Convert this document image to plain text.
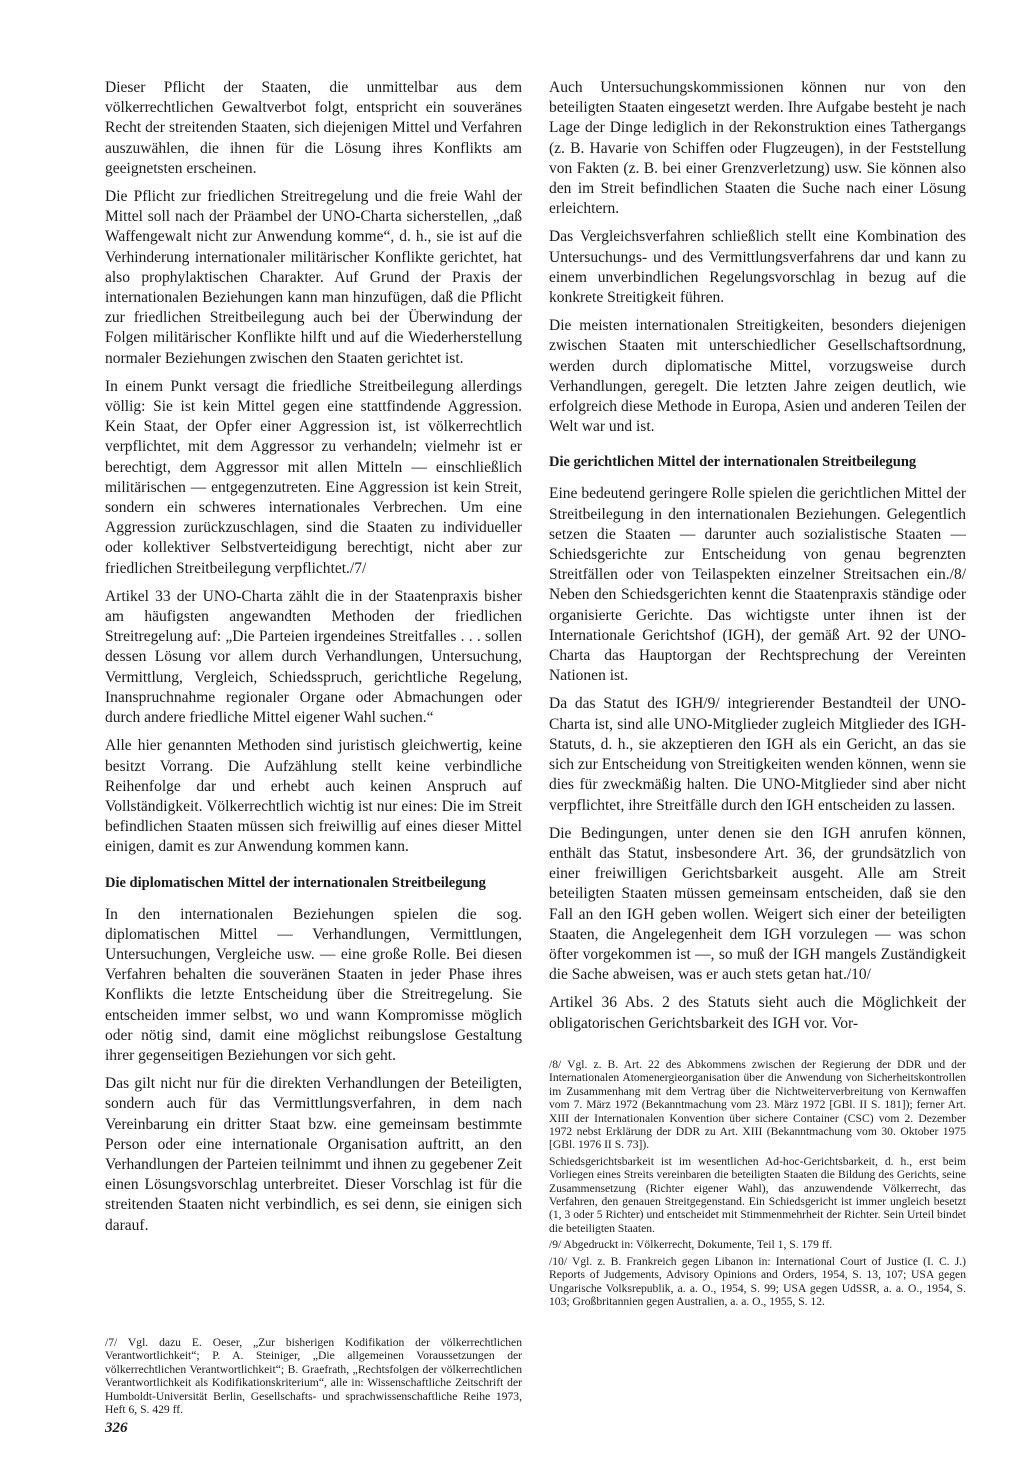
Dieser Pflicht der Staaten, die unmittelbar aus dem völkerrechtlichen Gewaltverbot folgt, entspricht ein souveränes Recht der streitenden Staaten, sich diejenigen Mittel und Verfahren auszuwählen, die ihnen für die Lösung ihres Konflikts am geeignetsten erscheinen.

Die Pflicht zur friedlichen Streitregelung und die freie Wahl der Mittel soll nach der Präambel der UNO-Charta sicherstellen, „daß Waffengewalt nicht zur Anwendung komme“, d. h., sie ist auf die Verhinderung internationaler militärischer Konflikte gerichtet, hat also prophylaktischen Charakter. Auf Grund der Praxis der internationalen Beziehungen kann man hinzufügen, daß die Pflicht zur friedlichen Streitbeilegung auch bei der Überwindung der Folgen militärischer Konflikte hilft und auf die Wiederherstellung normaler Beziehungen zwischen den Staaten gerichtet ist.

In einem Punkt versagt die friedliche Streitbeilegung allerdings völlig: Sie ist kein Mittel gegen eine stattfindende Aggression. Kein Staat, der Opfer einer Aggression ist, ist völkerrechtlich verpflichtet, mit dem Aggressor zu verhandeln; vielmehr ist er berechtigt, dem Aggressor mit allen Mitteln — einschließlich militärischen — entgegenzutreten. Eine Aggression ist kein Streit, sondern ein schweres internationales Verbrechen. Um eine Aggression zurückzuschlagen, sind die Staaten zu individueller oder kollektiver Selbstverteidigung berechtigt, nicht aber zur friedlichen Streitbeilegung verpflichtet./7/

Artikel 33 der UNO-Charta zählt die in der Staatenpraxis bisher am häufigsten angewandten Methoden der friedlichen Streitregelung auf: „Die Parteien irgendeines Streitfalles . . . sollen dessen Lösung vor allem durch Verhandlungen, Untersuchung, Vermittlung, Vergleich, Schiedsspruch, gerichtliche Regelung, Inanspruchnahme regionaler Organe oder Abmachungen oder durch andere friedliche Mittel eigener Wahl suchen.“

Alle hier genannten Methoden sind juristisch gleichwertig, keine besitzt Vorrang. Die Aufzählung stellt keine verbindliche Reihenfolge dar und erhebt auch keinen Anspruch auf Vollständigkeit. Völkerrechtlich wichtig ist nur eines: Die im Streit befindlichen Staaten müssen sich freiwillig auf eines dieser Mittel einigen, damit es zur Anwendung kommen kann.

Die diplomatischen Mittel der internationalen Streitbeilegung

In den internationalen Beziehungen spielen die sog. diplomatischen Mittel — Verhandlungen, Vermittlungen, Untersuchungen, Vergleiche usw. — eine große Rolle. Bei diesen Verfahren behalten die souveränen Staaten in jeder Phase ihres Konflikts die letzte Entscheidung über die Streitregelung. Sie entscheiden immer selbst, wo und wann Kompromisse möglich oder nötig sind, damit eine möglichst reibungslose Gestaltung ihrer gegenseitigen Beziehungen vor sich geht.

Das gilt nicht nur für die direkten Verhandlungen der Beteiligten, sondern auch für das Vermittlungsverfahren, in dem nach Vereinbarung ein dritter Staat bzw. eine gemeinsam bestimmte Person oder eine internationale Organisation auftritt, an den Verhandlungen der Parteien teilnimmt und ihnen zu gegebener Zeit einen Lösungsvorschlag unterbreitet. Dieser Vorschlag ist für die streitenden Staaten nicht verbindlich, es sei denn, sie einigen sich darauf.

/7/ Vgl. dazu E. Oeser, „Zur bisherigen Kodifikation der völkerrechtlichen Verantwortlichkeit“; P. A. Steiniger, „Die allgemeinen Voraussetzungen der völkerrechtlichen Verantwortlichkeit“; B. Graefrath, „Rechtsfolgen der völkerrechtlichen Verantwortlichkeit als Kodifikationskriterium“, alle in: Wissenschaftliche Zeitschrift der Humboldt-Universität Berlin, Gesellschafts- und sprachwissenschaftliche Reihe 1973, Heft 6, S. 429 ff.

Auch Untersuchungskommissionen können nur von den beteiligten Staaten eingesetzt werden. Ihre Aufgabe besteht je nach Lage der Dinge lediglich in der Rekonstruktion eines Tathergangs (z. B. Havarie von Schiffen oder Flugzeugen), in der Feststellung von Fakten (z. B. bei einer Grenzverletzung) usw. Sie können also den im Streit befindlichen Staaten die Suche nach einer Lösung erleichtern.

Das Vergleichsverfahren schließlich stellt eine Kombination des Untersuchungs- und des Vermittlungsverfahrens dar und kann zu einem unverbindlichen Regelungsvorschlag in bezug auf die konkrete Streitigkeit führen.

Die meisten internationalen Streitigkeiten, besonders diejenigen zwischen Staaten mit unterschiedlicher Gesellschaftsordnung, werden durch diplomatische Mittel, vorzugsweise durch Verhandlungen, geregelt. Die letzten Jahre zeigen deutlich, wie erfolgreich diese Methode in Europa, Asien und anderen Teilen der Welt war und ist.

Die gerichtlichen Mittel der internationalen Streitbeilegung

Eine bedeutend geringere Rolle spielen die gerichtlichen Mittel der Streitbeilegung in den internationalen Beziehungen. Gelegentlich setzen die Staaten — darunter auch sozialistische Staaten — Schiedsgerichte zur Entscheidung von genau begrenzten Streitfällen oder von Teilaspekten einzelner Streitsachen ein./8/ Neben den Schiedsgerichten kennt die Staatenpraxis ständige oder organisierte Gerichte. Das wichtigste unter ihnen ist der Internationale Gerichtshof (IGH), der gemäß Art. 92 der UNO-Charta das Hauptorgan der Rechtsprechung der Vereinten Nationen ist.

Da das Statut des IGH/9/ integrierender Bestandteil der UNO-Charta ist, sind alle UNO-Mitglieder zugleich Mitglieder des IGH-Statuts, d. h., sie akzeptieren den IGH als ein Gericht, an das sie sich zur Entscheidung von Streitigkeiten wenden können, wenn sie dies für zweckmäßig halten. Die UNO-Mitglieder sind aber nicht verpflichtet, ihre Streitfälle durch den IGH entscheiden zu lassen.

Die Bedingungen, unter denen sie den IGH anrufen können, enthält das Statut, insbesondere Art. 36, der grundsätzlich von einer freiwilligen Gerichtsbarkeit ausgeht. Alle am Streit beteiligten Staaten müssen gemeinsam entscheiden, daß sie den Fall an den IGH geben wollen. Weigert sich einer der beteiligten Staaten, die Angelegenheit dem IGH vorzulegen — was schon öfter vorgekommen ist —, so muß der IGH mangels Zuständigkeit die Sache abweisen, was er auch stets getan hat./10/

Artikel 36 Abs. 2 des Statuts sieht auch die Möglichkeit der obligatorischen Gerichtsbarkeit des IGH vor. Vor-

/8/ Vgl. z. B. Art. 22 des Abkommens zwischen der Regierung der DDR und der Internationalen Atomenergieorganisation über die Anwendung von Sicherheitskontrollen im Zusammenhang mit dem Vertrag über die Nichtweiterverbreitung von Kernwaffen vom 7. März 1972 (Bekanntmachung vom 23. März 1972 [GBl. II S. 181]); ferner Art. XIII der Internationalen Konvention über sichere Container (CSC) vom 2. Dezember 1972 nebst Erklärung der DDR zu Art. XIII (Bekanntmachung vom 30. Oktober 1975 [GBl. 1976 II S. 73]).

Schiedsgerichtsbarkeit ist im wesentlichen Ad-hoc-Gerichtsbarkeit, d. h., erst beim Vorliegen eines Streits vereinbaren die beteiligten Staaten die Bildung des Gerichts, seine Zusammensetzung (Richter eigener Wahl), das anzuwendende Völkerrecht, das Verfahren, den genauen Streitgegenstand. Ein Schiedsgericht ist immer ungleich besetzt (1, 3 oder 5 Richter) und entscheidet mit Stimmenmehrheit der Richter. Sein Urteil bindet die beteiligten Staaten.

/9/ Abgedruckt in: Völkerrecht, Dokumente, Teil 1, S. 179 ff.

/10/ Vgl. z. B. Frankreich gegen Libanon in: International Court of Justice (I. C. J.) Reports of Judgements, Advisory Opinions and Orders, 1954, S. 13, 107; USA gegen Ungarische Volksrepublik, a. a. O., 1954, S. 99; USA gegen UdSSR, a. a. O., 1954, S. 103; Großbritannien gegen Australien, a. a. O., 1955, S. 12.

326
